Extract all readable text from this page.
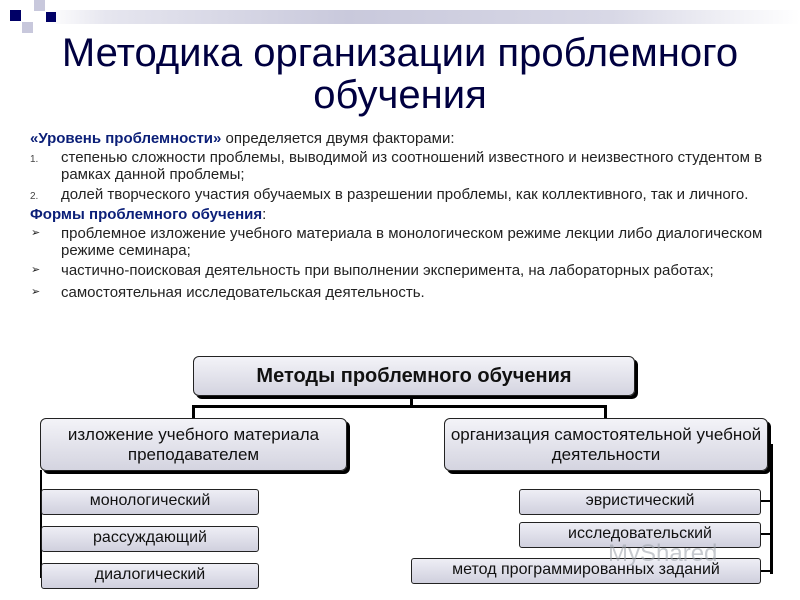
Методика организации проблемного обучения

«Уровень проблемности» определяется двумя факторами:

1. степенью сложности проблемы, выводимой из соотношений известного и неизвестного студентом в рамках данной проблемы;
2. долей творческого участия обучаемых в разрешении проблемы, как коллективного, так и личного.

Формы проблемного обучения:

➢ проблемное изложение учебного материала в монологическом режиме лекции либо диалогическом режиме семинара;
➢ частично-поисковая деятельность при выполнении эксперимента, на лабораторных работах;
➢ самостоятельная исследовательская деятельность.
Методы проблемного обучения
изложение учебного материала преподавателем
организация самостоятельной учебной деятельности
монологический
рассуждающий
диалогический
эвристический
исследовательский
метод программированных заданий
MyShared
